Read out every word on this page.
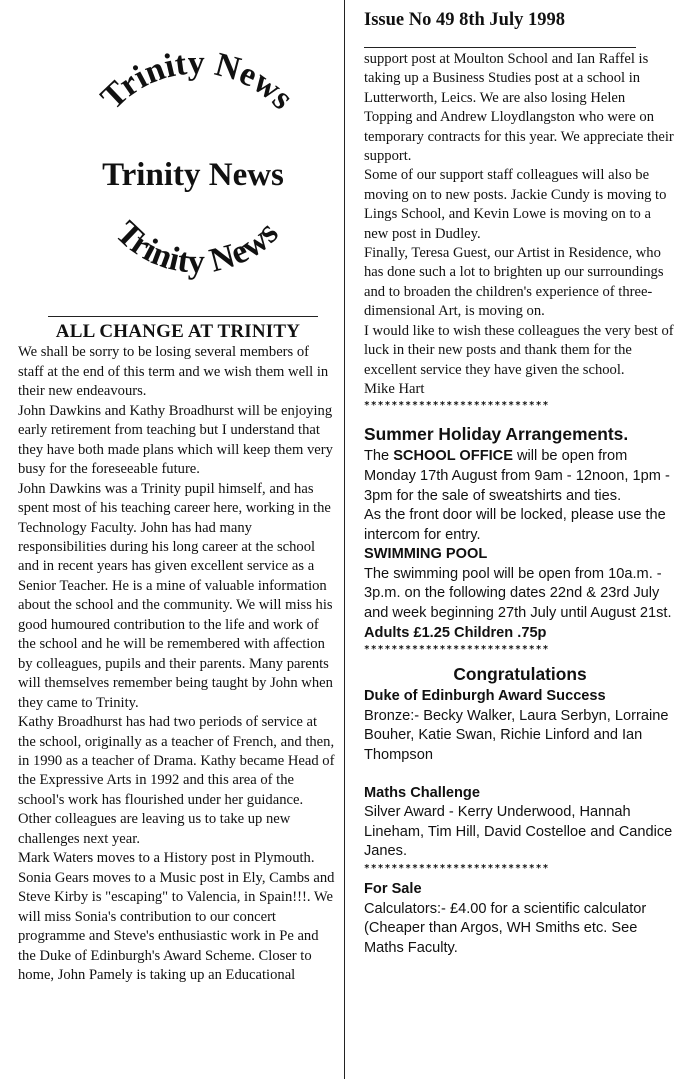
Trinity News
Trinity News
Trinity News
ALL CHANGE AT TRINITY

We shall be sorry to be losing several members of staff at the end of this term and we wish them well in their new endeavours.

John Dawkins and Kathy Broadhurst will be enjoying early retirement from teaching but I understand that they have both made plans which will keep them very busy for the foreseeable future.

John Dawkins was a Trinity pupil himself, and has spent most of his teaching career here, working in the Technology Faculty. John has had many responsibilities during his long career at the school and in recent years has given excellent service as a Senior Teacher. He is a mine of valuable information about the school and the community. We will miss his good humoured contribution to the life and work of the school and he will be remembered with affection by colleagues, pupils and their parents. Many parents will themselves remember being taught by John when they came to Trinity.

Kathy Broadhurst has had two periods of service at the school, originally as a teacher of French, and then, in 1990 as a teacher of Drama. Kathy became Head of the Expressive Arts in 1992 and this area of the school's work has flourished under her guidance.

Other colleagues are leaving us to take up new challenges next year.

Mark Waters moves to a History post in Plymouth. Sonia Gears moves to a Music post in Ely, Cambs and Steve Kirby is "escaping" to Valencia, in Spain!!!. We will miss Sonia's contribution to our concert programme and Steve's enthusiastic work in Pe and the Duke of Edinburgh's Award Scheme. Closer to home, John Pamely is taking up an Educational

Issue No 49 8th July 1998

support post at Moulton School and Ian Raffel is taking up a Business Studies post at a school in Lutterworth, Leics. We are also losing Helen Topping and Andrew Lloydlangston who were on temporary contracts for this year. We appreciate their support.

Some of our support staff colleagues will also be moving on to new posts. Jackie Cundy is moving to Lings School, and Kevin Lowe is moving on to a new post in Dudley.

Finally, Teresa Guest, our Artist in Residence, who has done such a lot to brighten up our surroundings and to broaden the children's experience of three-dimensional Art, is moving on.

I would like to wish these colleagues the very best of luck in their new posts and thank them for the excellent service they have given the school.

Mike Hart

***************************
Summer Holiday Arrangements.

The SCHOOL OFFICE will be open from Monday 17th August from 9am - 12noon, 1pm - 3pm for the sale of sweatshirts and ties.

As the front door will be locked, please use the intercom for entry.

SWIMMING POOL

The swimming pool will be open from 10a.m. - 3p.m. on the following dates 22nd & 23rd July and week beginning 27th July until August 21st.

Adults £1.25 Children .75p

***************************
Congratulations

Duke of Edinburgh Award Success

Bronze:- Becky Walker, Laura Serbyn, Lorraine Bouher, Katie Swan, Richie Linford and Ian Thompson

Maths Challenge

Silver Award - Kerry Underwood, Hannah Lineham, Tim Hill, David Costelloe and Candice Janes.

***************************

For Sale

Calculators:- £4.00 for a scientific calculator (Cheaper than Argos, WH Smiths etc. See Maths Faculty.
